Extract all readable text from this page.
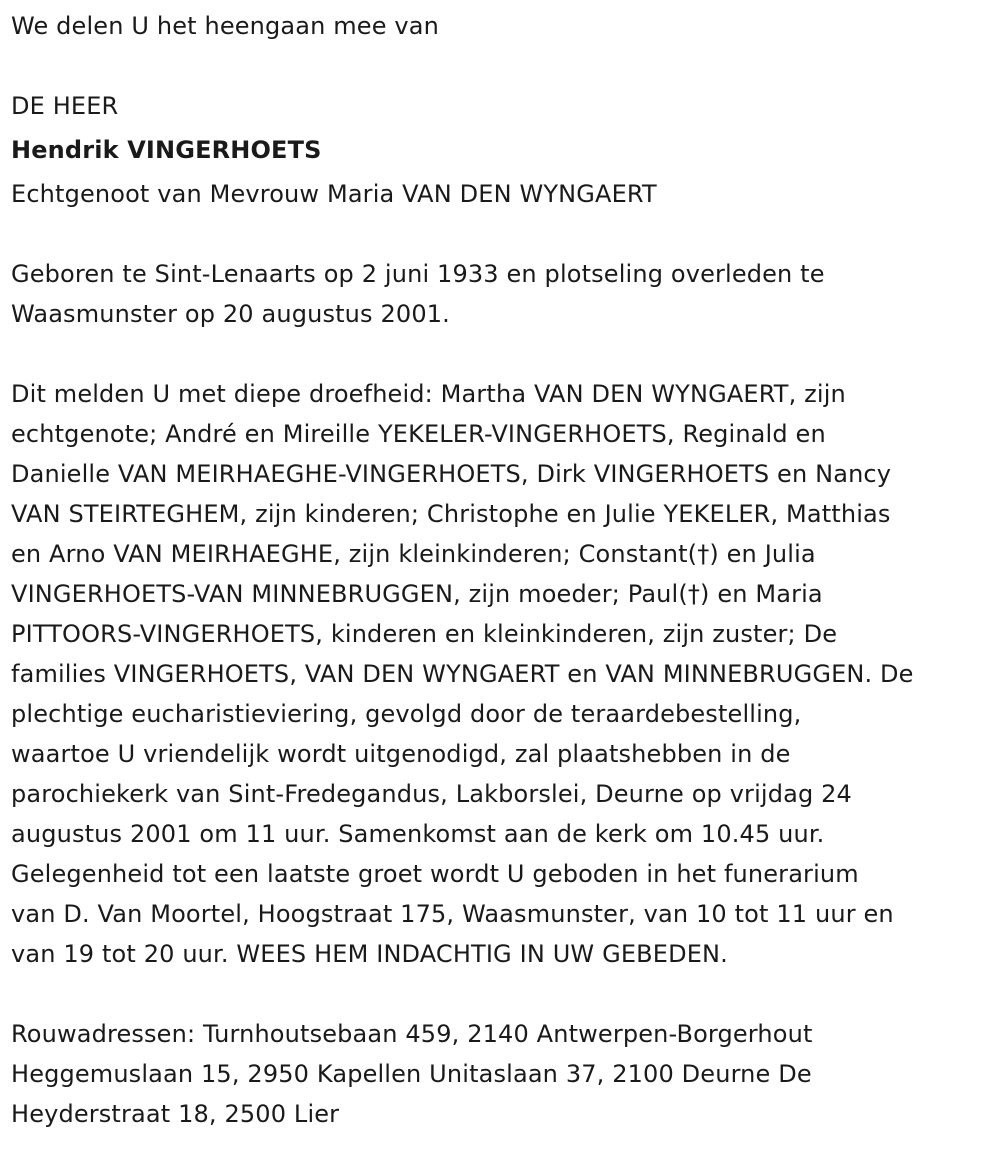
We delen U het heengaan mee van
DE HEER
Hendrik VINGERHOETS
Echtgenoot van Mevrouw Maria VAN DEN WYNGAERT
Geboren te Sint-Lenaarts op 2 juni 1933 en plotseling overleden te
Waasmunster op 20 augustus 2001.
Dit melden U met diepe droefheid: Martha VAN DEN WYNGAERT, zijn
echtgenote; André en Mireille YEKELER-VINGERHOETS, Reginald en
Danielle VAN MEIRHAEGHE-VINGERHOETS, Dirk VINGERHOETS en Nancy
VAN STEIRTEGHEM, zijn kinderen; Christophe en Julie YEKELER, Matthias
en Arno VAN MEIRHAEGHE, zijn kleinkinderen; Constant(†) en Julia
VINGERHOETS-VAN MINNEBRUGGEN, zijn moeder; Paul(†) en Maria
PITTOORS-VINGERHOETS, kinderen en kleinkinderen, zijn zuster; De
families VINGERHOETS, VAN DEN WYNGAERT en VAN MINNEBRUGGEN. De
plechtige eucharistieviering, gevolgd door de teraardebestelling,
waartoe U vriendelijk wordt uitgenodigd, zal plaatshebben in de
parochiekerk van Sint-Fredegandus, Lakborslei, Deurne op vrijdag 24
augustus 2001 om 11 uur. Samenkomst aan de kerk om 10.45 uur.
Gelegenheid tot een laatste groet wordt U geboden in het funerarium
van D. Van Moortel, Hoogstraat 175, Waasmunster, van 10 tot 11 uur en
van 19 tot 20 uur. WEES HEM INDACHTIG IN UW GEBEDEN.
Rouwadressen: Turnhoutsebaan 459, 2140 Antwerpen-Borgerhout
Heggemuslaan 15, 2950 Kapellen Unitaslaan 37, 2100 Deurne De
Heyderstraat 18, 2500 Lier
